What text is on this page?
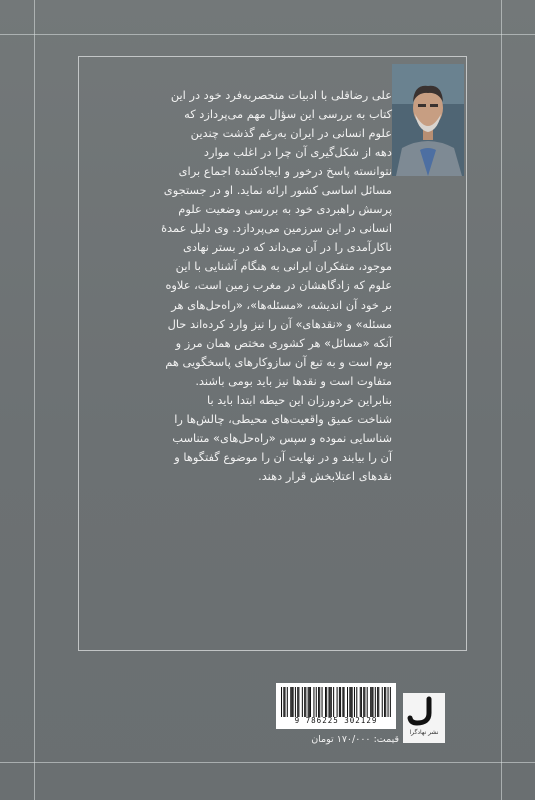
علی رضاقلی با ادبیات منحصربه‌فرد خود در این
کتاب به بررسی این سؤال مهم می‌پردازد که
علوم انسانی در ایران به‌رغم گذشت چندین
دهه از شکل‌گیری آن چرا در اغلب موارد
نتوانسته پاسخ درخور و ایجادکنندهٔ اجماع برای
مسائل اساسی کشور ارائه نماید. او در جستجوی
پرسش راهبردی خود به بررسی وضعیت علوم
انسانی در این سرزمین می‌پردازد. وی دلیل عمدهٔ
ناکارآمدی را در آن می‌داند که در بستر نهادی
موجود، متفکران ایرانی به هنگام آشنایی با این
علوم که زادگاهشان در مغرب زمین است، علاوه
بر خود آن اندیشه، «مسئله‌ها»، «راه‌حل‌های هر
مسئله» و «نقدهای» آن را نیز وارد کرده‌اند حال
آنکه «مسائل» هر کشوری مختص همان مرز و
بوم است و به تبع آن سازوکارهای پاسخگویی هم
متفاوت است و نقدها نیز باید بومی باشند.
بنابراین خردورزان این حیطه ابتدا باید با
شناخت عمیق واقعیت‌های محیطی، چالش‌ها را
شناسایی نموده و سپس «راه‌حل‌های» متناسب
آن را بیابند و در نهایت آن را موضوع گفتگوها و
نقدهای اعتلابخش قرار دهند.
9 786225 302129
قیمت: ۱۷۰/۰۰۰ تومان
نشر نهادگرا
